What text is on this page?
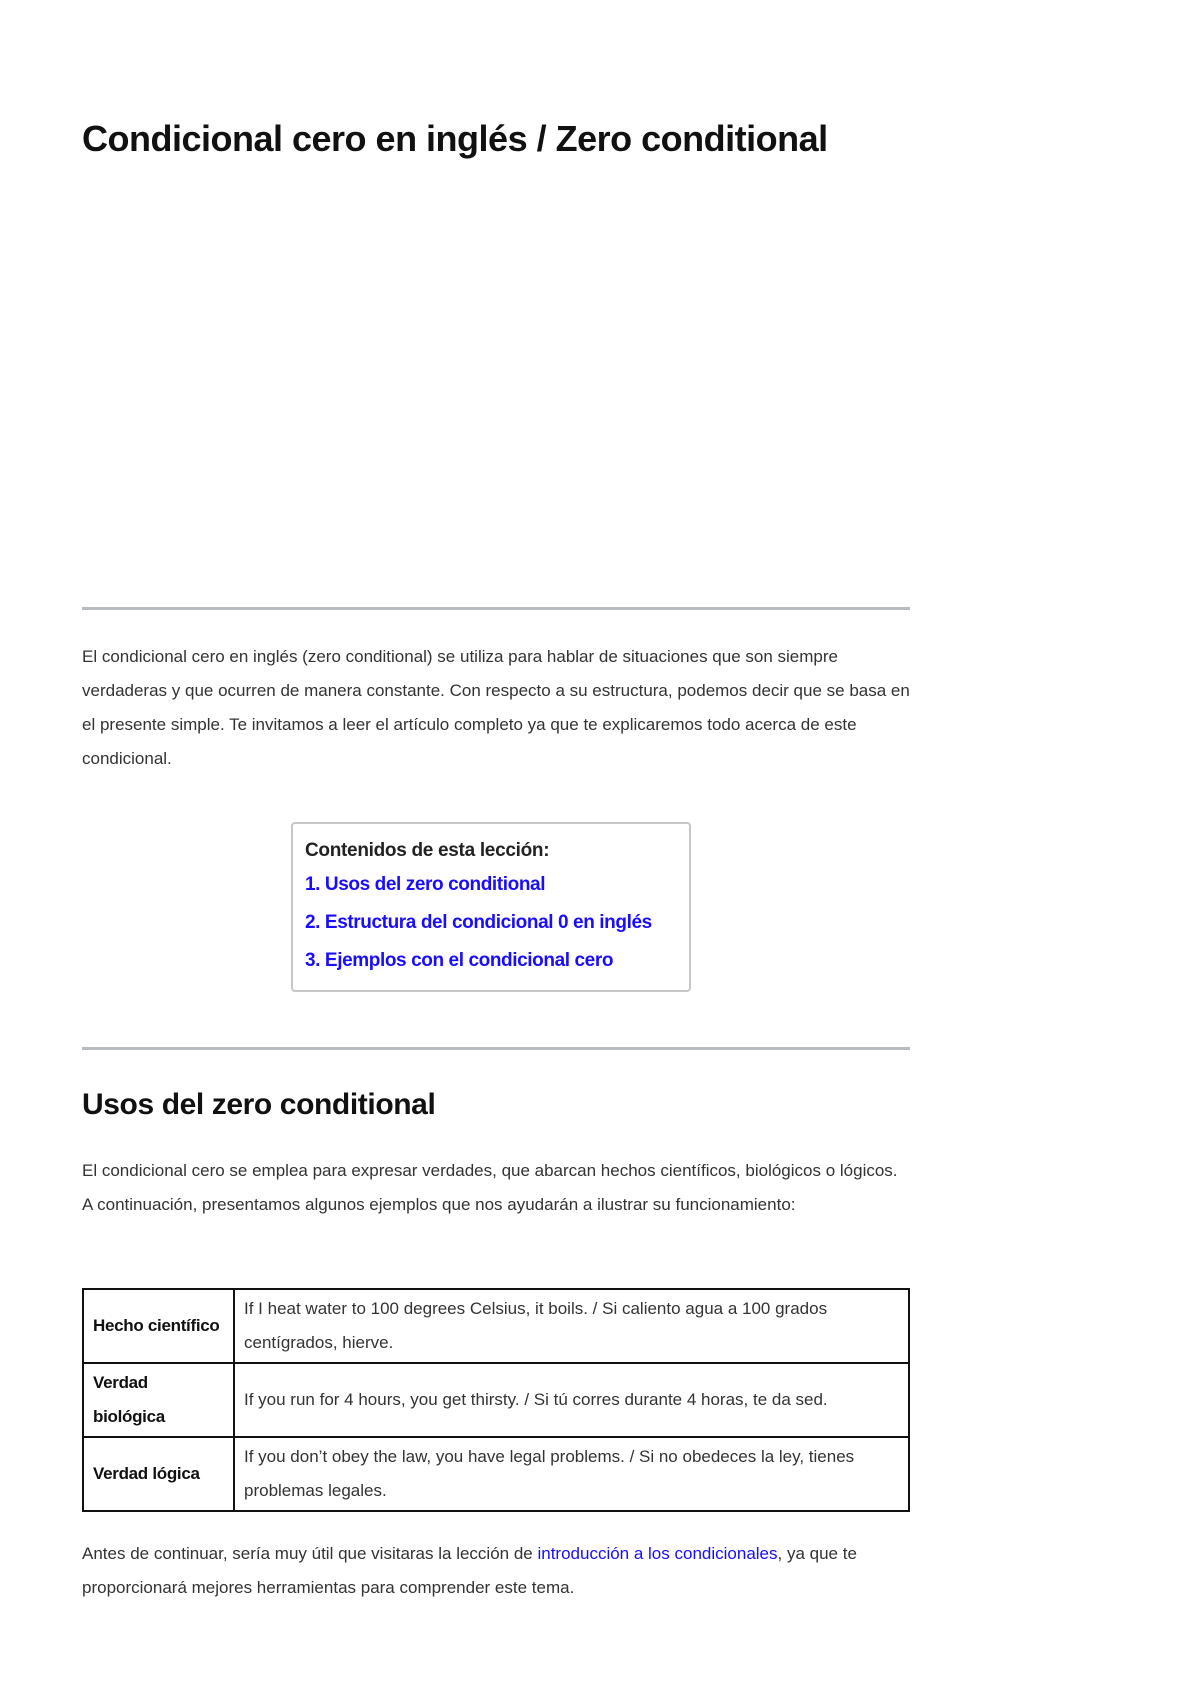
Condicional cero en inglés / Zero conditional

El condicional cero en inglés (zero conditional) se utiliza para hablar de situaciones que son siempre verdaderas y que ocurren de manera constante. Con respecto a su estructura, podemos decir que se basa en el presente simple. Te invitamos a leer el artículo completo ya que te explicaremos todo acerca de este condicional.

Contenidos de esta lección:
1. Usos del zero conditional
2. Estructura del condicional 0 en inglés
3. Ejemplos con el condicional cero
Usos del zero conditional

El condicional cero se emplea para expresar verdades, que abarcan hechos científicos, biológicos o lógicos. A continuación, presentamos algunos ejemplos que nos ayudarán a ilustrar su funcionamiento:

Hecho científico	If I heat water to 100 degrees Celsius, it boils. / Si caliento agua a 100 grados centígrados, hierve.
Verdad biológica	If you run for 4 hours, you get thirsty. / Si tú corres durante 4 horas, te da sed.
Verdad lógica	If you don’t obey the law, you have legal problems. / Si no obedeces la ley, tienes problemas legales.

Antes de continuar, sería muy útil que visitaras la lección de introducción a los condicionales, ya que te proporcionará mejores herramientas para comprender este tema.
